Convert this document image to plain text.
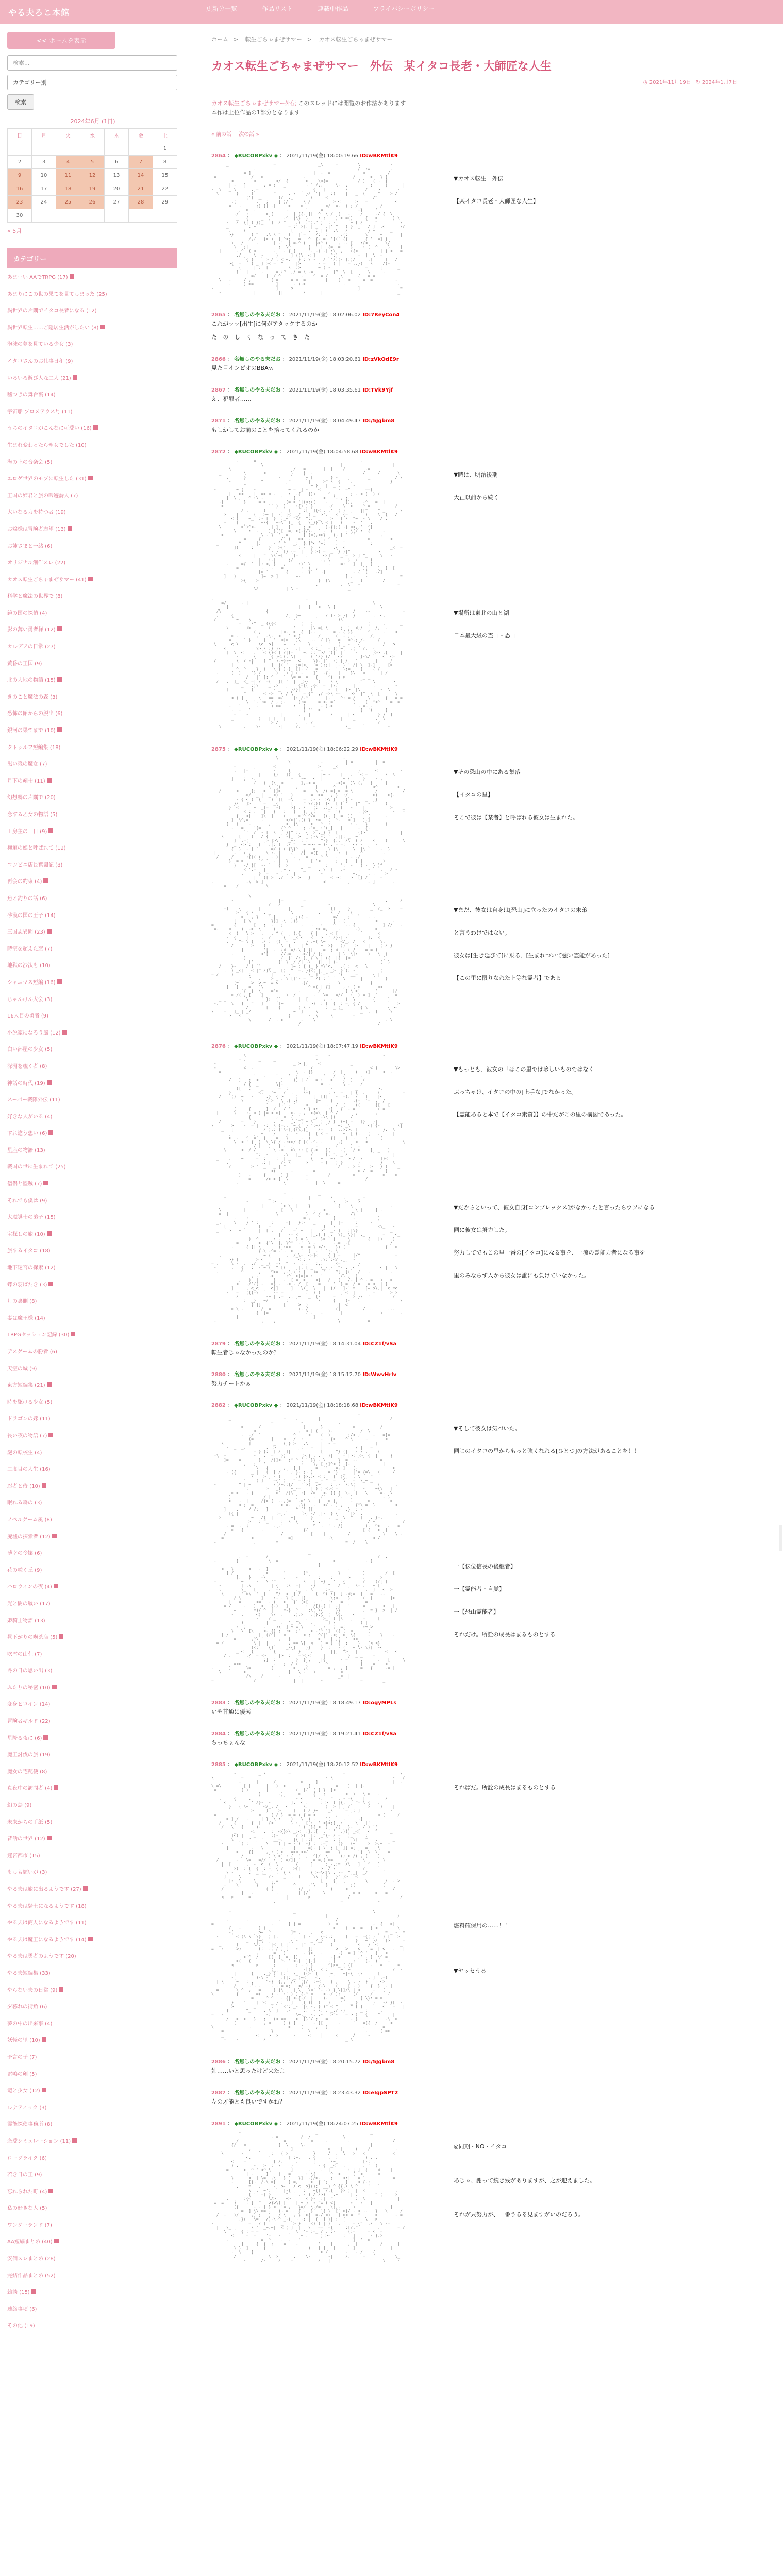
やる夫ろこ本館	更新分一覧	作品リスト	連載中作品	プライバシーポリシー
<< ホームを表示
検索...
カテゴリー別
検索
2024年6月 (1日)
日	月	火	水	木	金	土
						1
2	3	4	5	6	7	8
9	10	11	12	13	14	15
16	17	18	19	20	21	22
23	24	25	26	27	28	29
30						
« 5月
カテゴリー
あまーい AAでTRPG (17)
あまりにこの世の果てを見てしまった (25)
異世界の片隅でイタコ長者になる (12)
異世界転生……ご隠居生活がしたい (8)
泡沫の夢を見ている少女 (3)
イタコさんのお仕事日和 (9)
いろいろ遊び人な二人 (21)
嘘つきの舞台裏 (14)
宇宙船 プロメテウス号 (11)
うちのイタコがこんなに可愛い (16)
生まれ変わったら聖女でした (10)
海の上の音楽会 (5)
エロゲ世界のモブに転生した (31)
王国の姫君と旅の吟遊詩人 (7)
大いなる力を持つ者 (19)
お嬢様は冒険者志望 (13)
お姉さまと一緒 (6)
オリジナル創作スレ (22)
カオス転生ごちゃまぜサマー (41)
科学と魔法の世界で (8)
鏡の国の探偵 (4)
影の薄い勇者様 (12)
カルデアの日常 (27)
黄昏の王国 (9)
北の大地の物語 (15)
きのこと魔法の森 (3)
恐怖の館からの脱出 (6)
銀河の果てまで (10)
クトゥルフ短編集 (18)
黒い森の魔女 (7)
月下の剣士 (11)
幻想郷の片隅で (20)
恋する乙女の物語 (5)
工房主の一日 (9)
極道の娘と呼ばれて (12)
コンビニ店長奮闘記 (8)
再会の約束 (4)
魚と釣りの話 (6)
砂漠の国の王子 (14)
三国志異聞 (23)
時空を超えた恋 (7)
地獄の沙汰も (10)
シャニマス短編 (16)
じゃんけん大会 (3)
16人目の勇者 (9)
小説家になろう風 (12)
白い部屋の少女 (5)
深淵を覗く者 (8)
神話の時代 (19)
スーパー戦隊外伝 (11)
好きな人がいる (4)
すれ違う想い (6)
星座の物語 (13)
戦国の世に生まれて (25)
僧侶と盗賊 (7)
それでも僕は (9)
大魔導士の弟子 (15)
宝探しの旅 (10)
旅するイタコ (18)
地下迷宮の探索 (12)
蝶の羽ばたき (3)
月の裏側 (8)
妻は魔王様 (14)
TRPGセッション記録 (30)
デスゲームの勝者 (6)
天空の城 (9)
東方短編集 (21)
時を駆ける少女 (5)
ドラゴンの嫁 (11)
長い夜の物語 (7)
謎の転校生 (4)
二度目の人生 (16)
忍者と侍 (10)
眠れる森の (3)
ノベルゲーム風 (8)
廃墟の探索者 (12)
薄幸の令嬢 (6)
花の咲く丘 (9)
ハロウィンの夜 (4)
光と闇の戦い (17)
姫騎士物語 (13)
昼下がりの喫茶店 (5)
吹雪の山荘 (7)
冬の日の思い出 (3)
ふたりの秘密 (10)
変身ヒロイン (14)
冒険者ギルド (22)
星降る夜に (6)
魔王討伐の旅 (19)
魔女の宅配便 (8)
真夜中の訪問者 (4)
幻の島 (9)
未来からの手紙 (5)
昔話の世界 (12)
迷宮都市 (15)
もしも願いが (3)
やる夫は旅に出るようです (27)
やる夫は騎士になるようです (18)
やる夫は商人になるようです (11)
やる夫は魔王になるようです (14)
やる夫は勇者のようです (20)
やる夫短編集 (33)
やらない夫の日常 (9)
夕暮れの街角 (6)
夢の中の出来事 (4)
妖怪の里 (10)
予言の子 (7)
雷鳴の剣 (5)
竜と少女 (12)
ルナティック (3)
霊能探偵事務所 (8)
恋愛シミュレーション (11)
ローグライク (6)
若き日の王 (9)
忘れられた町 (4)
私の好きな人 (5)
ワンダーランド (7)
AA短編まとめ (40)
安価スレまとめ (28)
完結作品まとめ (52)
雑談 (15)
連絡事項 (6)
その他 (19)
ホーム > 転生ごちゃまぜサマー > カオス転生ごちゃまぜサマー
カオス転生ごちゃまぜサマー　外伝　某イタコ長老・大師匠な人生
◷ 2021年11月19日 ↻ 2024年1月7日
カオス転生ごちゃまぜサマー外伝 このスレッドには閲覧のお作法があります
本作は上位作品の1部分となります
« 前の話 次の話 »
2864 ： ◆RUCOBPxkv ◆ ： 2021/11/19(金) 18:00:19.66 ID:wBKMtlK9
_                  =                 _\     =        \            -
.                         _               /  -=        .
= ]                         |  -  =             <         /
=              /   >                .                   /      >   } ] _
<        <        </  {       >    \<{=      |     / ]   ( ~  {
| -   ]       , = ;   _        ~ ` /.,     \-  .         ;     )      |
-  \   _ \      , =                 [    {   [        \       /  . >       -
\       }     (`       ^     .'\    }/  '|    ;(    |   _  (     ^    > /
('[  _       )/  ,_       (     <                  /^
.(        . ` ;    ] )/      \ /         > <   _  >   =           <
=   ~    _ ;) ]| ~|     >    >         </  =-  ( ; /         /
,  >  .     _      .~      `     =              -}     '
./   ; ~     > (_       | [{- ]|  ^  \ /  (   -    /     -/ {  \
_   {     _  ]     .^~ {\}  }    : ;    ] > =(]     {   >      ] \
-   /  {| ( })_   ]  / ^    .)  ,^).^ )  ; -      ~ [ /     ^         \
_        : ~             = :' >]. | _ ` .|' ^   ) }  _`  / ]  .<      \/
.     (                  [      .  : | (  .\   /        } ~      _
>}       ) ^   .\ \ ^   ('  |`=    /;  ;     .(;       \     ~       |
/,{   }> )  | ^<;   =   ^  {. =~ '](` {{       { '  =] }
)   /     .      | .'  } =-^ (    }>^ (    , .- [   :{<       \/
}   ;|            ;  \^       [  ' |  {=  =    }    : [  ^    }    |
|      - ^  ( <       -   - {_[    .'. -( .| :\  ,   ({<         | } <   =
./     \  -     )     ] ((\  < ]      ^:)        =  ]  \  =
`{ }   ` > / . < ~.   } : \ -   / `'/;(- [;)/     ,]     ]   /
>{  =    ) _ ] >< =  ^     |>  |    - =   ( [   = .,}(   \    /)-
(     | ;  [        \  :>       ~ ( -              =     [      _
)   |     ,     = {^  ,/ = \ -=        |^  \_ [      \ '  _~
={    |  / ^        ,    ^  = /     \      {   = =
\   -     / ,        ( =     = <  =        [    [   <     =  =         -
.     ) >=         ]      - ).>               .                     .
-                         ]     >                          ]                =
-             |         ||        /      |                              _

▼カオス転生　外伝

【某イタコ長老・大師匠な人生】
2865 ： 名無しのやる夫だお ： 2021/11/19(金) 18:02:06.02 ID:7ReyCon4
これがッッ[出生]に何がアタックするのか
た の し く な っ て き た
2866 ： 名無しのやる夫だお ： 2021/11/19(金) 18:03:20.61 ID:zVkOdE9r
見た目インピオのBBAｗ
2867 ： 名無しのやる夫だお ： 2021/11/19(金) 18:03:35.61 ID:TVk9Yjf
え、犯罪者……
2871 ： 名無しのやる夫だお ： 2021/11/19(金) 18:04:49.47 ID:/5Jgbm8
もしかしてお前のことを拾ってくれるのか
2872 ： ◆RUCOBPxkv ◆ ： 2021/11/19(金) 18:04:58.68 ID:wBKMtlK9
-      =                                          -
\                               |            |       |
\                         /   =       |  |   _/        .=
_         \       <          }    }  .                    /     /       \
.      }             -          ~ [       } -            _          / \
-            ^          ^      `|     >^ \  {   `.               }
^                `         ~ }   |  _ .     -
-        ~ (    -             ~ =_ ] -    <       -  =^      ==(
|   ><    |  => < .  _  :  .{   {])     ^ ,   |  ; - < (  ) (
]  \ ,   ^ :\ -       '    [      .    <   '- , ;.
.|        }     = >    '   [= > '|(<;([    .       ]],    -^   =  |
>                  `` )  ]    :{) ] }      ./    \  >    ^ =          /
/ .      (      ]  ]     :[` ]{< , ,'  ( )  ]   ||^    ^ _ |    \
>    |      (   >~ |  -] [<  _/   ( _  >'.   <  {=       )    \  {   /
< {    ~_  :- [  }  ._~` ^</  ^;,  _    >   [ \  ^~  - \ |  / .
-    [         ~\{   ~=\  (_  {   \_}} \ < ]   (    -  '   .
\        >`)^<-      | ] _  [     ; <_     ]-{(;[ ~} <<,;'  ^['
\     :  .    ]_}['[  =; >[-{/\-  ` -  (_    - \[/ :  {     -
>               \ . }  '  = '    [ [<[,<>}   )~ [ ` `'  _       ,  |
_   =     {        /` (   ><  .    ', ^  ] _          >        <
_        ^      |;     - ^ ^   _;  }:]^< ^~;    ,  `          ;
](     :      }`  >('     : -  }  \     ,{  <                  _<  =
- }  [} (=  |   } >) =  _  } )|^           >
<     |   ^  \\ ~[    ]=   :      <-]    _ =  > ] ^_     \   -
|   :-|     ;/           ., \       }  /     (
-     ={  `  |; <, }   ,     :)`|\       ~    =:   ]  (   ]
=         .   .   =       ;  )  ,                  )(  | ]  ]  [
_            [> `       {     .  }`   ~]    _      - {  [   -/]
]   )          ]~  > ]       ~-  |               ] .     -             =
>{    >                        }  [\        _   )        /
.         .  \   -               =
|     \/           | \ =                    _               |

▼時は、明治後期

大正以前から続く
-                                     -
=/      - |                           |                   _  \
]                            |   ]   <   \ ]                  \
/\                  {                              |   /    --             =
.     {                     /   }~          / (- > }[  }       ,  <.
/        ~    \               ` -        `        )\
=   `\^  _ ({{<          (   )                      (     .      _
\       )>~      (         '      |\ =[ \     ;  )  <;/     /,  -
_  ( ,        |<.  >  {  ]-.       = - { }}      ^ _   .   _<
> -       ,   -\.  <   ` < [     _ /      (  - , .      /,
=     ` }     |   '  <|>   ]\    ~~  { |}   =_  <^,;|/-     {         _
\      < \        \<  >]    ~   -     \    .  '   ( _ -   {         /   >
<            \>[\ :} )\ ,-   .[    < ;_   = }) ~[  .(   /.  (
[  \  <    .   < {)< ] /|[=    ~: ::  >/ ')|  |     -      )>> .{     |
-      {      { )<;(. \[      ( '/}`(/   </       }-\/     <  <=
/        \  / -}    ( ^  }.~}-~:  <     \). |'  -) [ /   '_      |     /   _
_  |       '       ]  {( '   ;=|<,_ `= );;|   ~ } ' /| \  ].]_    [> _
^  ^ _  }  (   \ } ]~]  [|. {   =    -  '  };=    [  _ { {
-     [  ]    `} /     ~)   ) ] ( - |  ]`  .{,   |    }\   <      | /
/   |` ]; ^    `  \= =  =   {    ^(  ) >       _ _
/   .  ]_  <_ =| /  =(   }[ '  |  _>}    )    \ {        :^    \       >
_   ;)\    _ ,>        {={( .{<  =  ]\,      |       ,        -
[         {        - _  ` }/}[    [      -  [   }>  |\        -  \
^       < ->   { / \_`  = {^  ,/_=>\ -=    >>  |^  \_ [      \
_      < ( ]      \   ==  ={    |: /.^       |,    ^: = /     \      {   = =
\  '- ;=_ / , ;-     (;=     = <- =`       [    [  ^<^    =  =
-   `    ~ .     ) >=     :   ]      - ).>          ~ =~ .
.  -   '                     ] ''  >                [  '(     ]
=    -             |      ,  ||        /      | <         } }  ]
_          )   | ]   |       ]              |    _        .  \
> /       .   . /                    ]     /
\         .    \-       -|     /.     =            \_               -

▼場所は東北の山と湖

日本最大級の霊山・恐山
2875 ： ◆RUCOBPxkv ◆ ： 2021/11/19(金) 18:06:22.29 ID:wBKMtlK9
\                          -
\            -         | =         |  =
=       ]       <                 >     _<
.   |=          -     {            =              )      <         -
|     {)   ])   {        |~ -    ]   ,   < =       \  \
]    ;  -.              -   -~   <  |        ~ {     }    - ,
{   (  (\  <   '   ],-< =        -<]=_ )\ (,   }     |
\  [)      ,      _|      ^    (          <^        >
/      <     ];   >   |]>         =    \  /( =| >  = \         /          /
~>/  _ |  _ <) `   )       =  >=   , }  :/          >)    >[.
- { < )  {    )  [[  =\    =  :- -  >\ }    {`-     _   }
}/   ]>     =   _{     [    ^ \/;)(  [<  [ [`'   |^   - `    )
}  <      ~  _[=   -)    >} , /   (;  .;_/ ; [   -    |          >    _
_      | < : .   |   (   :   )   (, ,;   ` =  ')       . }>          -   =
{   <|    ]\  ]    (     >`^.^/=   [(~ [  =  ])      [      -
]  \^,=   _ ,         </>(`,[( }_ :=   [  ^- ' < ]   ]-]
_   [   )    -       ,      <  {\     >   ^  :        : -   }       )  _
-   =    '[=        {^ ^     ; .'>_ :'(_[   [      -  {.
`'  /  - [  \  ] }|^ :.  {  > ._} )  [        ((>              |
\      [    (   / {    .  -[_  >  _`)-\ -; '  .[|; _  ~
]  ,=(   `   > |>\    _~-  : ,     ^-}  {,,  /\  (|/    <    (      \
}  _  <> ;   [ ` ,[: )  :/ ^   ~'~>- ~ )- . = =;   </ -     -
{  }  - | `    _=/ ) ( {\}^  ,   =     } {\      \  |\ ` '  -  }
|       -   ( ,      \ :. |    {   /[  =([   )    :  )    .^        ~
/     /     ;{)( (    ~ )|     .    =     ^ ^   .  |  - -/
}  = >    _ `^ `  - |  }    '    [ '<  _   ;   ]   [ |        )
)   -/ }[  -- `   {  >        _      ;     ':  -  |( -  } )^
< ',=   |      ]~ ,    ^_     . \  ]   ,-     ;   -    .   / -
,      }  =   -   ,  |          -            ~._   , .    >
|   )[ >  ./   >  >   }        < =<    >  [} /     =
-             -\  > ]                        <         ]       - ]      _-
=    /           \

▼その恐山の中にある集落

【イタコの里】

そこで彼は【某者】と呼ばれる彼女は生まれた。
\
-                  |=        =                                .     /
/   /        _          -                 \
=]    {       |           |                {[     }        _  /_  >    =
>   { \    . _        \          .    \  /    (
>   , }    '~[      , ;){ -          =/    ;   `   ~ ~
|   [ \        }}] ~\  ,)}              [ ~ (            <      -
=        {    _  [   ;  -   ;       ,   ~   :    ^_   -~ {           ] //   -
=.    <    )  ->  \     (    _           :> =,    .      -)      >
<  )   \ >   .   , ^ (   '(.{    { |   . < [    .    `      <
-  {    |     .  /     { ` _< <   <   >  ' /}-] -        ],  <
.    ^= \ {   ./ ;  ((  =  .    } .~( \~      </_. /   <      \.
/       >    )    | \  {    | ^     ~  >}   ))    >    |    ( / }
_           ]        '[  -  {< ~=/.\ [ }|    =  ; <  ~ ( /    = = )
.           <'[     //,=    ~>{] / |;~     | }  \|:    )   \  )
~]              {  }` /: ], { \ | ({  |{ _{<    _        [
|'          [' }  / /|~~\  _{|  | )-                 (  }    _
/    }-    / ) `'   _        ]~ ; { )_ } =\'<.   .( :  <   \
.  ) _<[   < |^ /]\ _  [)  ^  =. }]<( |]   _>  } ); -          (
= /     )      ;        [    . -       \_ ]' =^    '(   __=      { |
]   ^   ,    > _ . \ [['- =    /( : ` `   \      |         }
(~     >  >.~_ = <         .]/    __  .   \            {
]   [    =   `\              _   ^ >( | {]     , : [ >  _    <<
`{  }  \    ='>        .       /   _      ] \ >`      '   _  |/
> /( , [    ]         )  /       .   \=   =//   :  ) = ]  `       =
_ _        \     ' }:  (`     ~ |  [      ,  -     (  \       {     ]
-.     \   ]   ^   ]      [~           >)  : [  {  ; =  { /               >
/       [    {       ( \ -      ;  _ (_  `    { \        { >=
\    =   ]_ | _/                 ~  ]     \                 _  .  ]     \
>   <                   )      |-  \   _ \        =
\       /  . >       -    \                            . \
/                      _        /   _

▼まだ、彼女は自身は[恐山]に立ったのイタコの末弟

と言うわけではない。

彼女は[生き延びて]に乗る、[生まれついて強い霊能があった]

【この里に限りなれた上等な霊者】である
2876 ： ◆RUCOBPxkv ◆ ： 2021/11/19(金) 18:07:47.19 ID:wBKMtlK9
\                            =    -                     -
= .     _     _                -
-                               _ > |]    <            _
-           <  .                       /                       < }       \>
=                              \  - {}        /  |     (   )] _   <  -
'   .    `    '  ;    -     '   /   {      .
/_ ~]_  ;  <         ]    )) | {   = :   >    {  ]  . (             _
/ {  _       \|-               =  ~     \~-    /
([   ;    _      =  :      ]]         -         _        >,
}           <.   '~   /  ;    \-]       ; \  =   | {  ,     (         =
/    ()  ~   -     .}  { >     )      [  []]   -  =).  /|  ]    |<
\        _< >   \ ,( .{       ]~    (   _    .(=  '=  ,  /
`  ~ (~' - `   ~<       ~   /  (    ((      {[   [
_   [     {      ]  /   / '' _  : } <:    ;]  _{  - = _       ( =
|      }    :. < ) |= < >|   ~>- ~ ,  >{=\  [ ^ /      _,|      ,
{     '    ,  <  {  `_    _,~-\\ ))      /
/        =    }       ,  ^   _.`^( ~ \   )  } }  (~{ =   [}   )|         _
\       >    -  = |  -:  \ {=..  ~_{  } ':~/  '    ~: _\       <] {-       \|
_   [            / ).; ]'\=].{(\,[_    /=   )  .,>;>. ]          }.  \
]         ]  ~    /    , `_-``` |  ( <`=      ~  [ (.   (   .     |
>  .   ^  =`  }  _ =   }    _.  )  _     {(    )  ~    ;  |  (       _
\  < ' {  ]  \ \{ / -:>>/ { |( -^. .      ,) _  _<   <              \
_       ~      / | ~ ]   | .  ; _       -       {     ]  -
\      <  / /       \ -<   >\ :: [ {,>   }[    .[   / >    [  _   ]
^;  -   |  .\   |_    /     [. ^. _ /          `       ]
_    .    ~     =  ;    :  | _        {   ~   ~\     > /  \       ])<
.             .: |    /- \      >     = [   ) }      )        }    \
/        > '  _   _ | ^        '            /   . > -    >   } (    _
_        <(      -_       =            _    > /  =     ]
|     ]   .     {      ) ]       -        /         >    _      >    >
=      /> > ]  \       -                       /
.                  \            |  \     =               _

▼もっとも、彼女の「ほこの里では珍しいものではなく

ぶっちゃけ、イタコの中の[上手な]でなかった。

【霊能あると本で【イタコ素質】】の中だがこの里の構図であった。
=             _
-                 _        .      |        /    .     _ =
-          >  ]                    \    >    >
_             |  _     > \  | _  }           {    \               -
\         |    ~         [   \        ~   <            \_(     ] ~
=  |            _      \           }  ^ /  <-   _    /}
.    ;                      = ,   `     [       -         ]
_.     \    } ' :     ;     =|   };-   _      |  |=     ;     -
[             [   =     .               ]   \        =        <\_   -
_    >   ~ `     |  [ .   /    =` ~   ]   >^  _- ]   ;|\}             _
|   -= <     ]_.[ ]  .  \)_ \}|  ,_       =    <_
|         )  ^      : -   :  } = }     }> ` {     \       {   |)    ]
=        >  {'\ ||, }^^  .'  \ -      _-~=  -[       _        /
.     { [| \       ) :=<    >  = } </: _  }) [                {   >
|             {.\ -^= .`~  >   `  (_ . ' `:. \  _           .
.                 ~ (      . '/_\=  <=]<    { } =     |/^              =
>} [       > <      )       < : -    .\: ;</ ,_   -
= .     \ -  ,  ,/  _ _(  =\  ^  -  ; .   ;.:     <=  `    }
-      .   {   ;  - ~ (  ^ [(     |, [ _  `{_-[-` ^- ,  <          < |   \
-         ^      , _  ^>=  ,.';\`: |   )=  '    ^[  ](`  /   .        .
, -    ~<     ;^  >]=)= :   '       /} ,  )
,   )  |      }   -  [ =_ >    <}   /   [   /- [:^ - =   )   >
<   ./'{( -   >} .  .< . /  [    =   _ '  } =  / =   = <  | ]
]     , <_<     <|]     ]   \/_  \   |  (/   ]-' =    [~ >\.|  < =<
-   =   ({{=\  `   -= =         .  ) (          <  |       =      > >
/           -~ | ,=  ,:  ~   _  {\     =  `|   > }\  '         /
;  _}   ~/       :   `        \     {    )-   :                \
} ]]  _      [   _ >  )            ]  <
> \ .       /  =           ). /           (]         /  ~    _ ..-
{  |=               { -   -       |     _         )       .
|    |                              ]                                  _
-                  .    .                         \           =

▼だからといって、彼女自身[コンプレックス]がなかったと言ったらウソになる

同に彼女は努力した。

努力してでもこの里一番の[イタコ]になる事を、一流の霊能力者になる事を

里のみならず人から彼女は誰にも負けていなかった。
2879 ： 名無しのやる夫だお ： 2021/11/19(金) 18:14:31.04 ID:CZ1f/vSa
転生者じゃなかったのか？
2880 ： 名無しのやる夫だお ： 2021/11/19(金) 18:15:12.70 ID:WwvHrlv
努力チートかぁ
2882 ： ◆RUCOBPxkv ◆ ： 2021/11/19(金) 18:18:18.68 ID:wBKMtlK9
=
_                     =    .        |                            /
=           -              .
>      /  _              )      }            >          /       _
<                 ,  < | (    )-           /  \
-  -/  `             ^     <    (  )       ;/< ;     -   =[=
(=       ]    < ~|/  :       -   {>    ^ \  '  ~       <
\          ]         _   ( } >   ,\     |  - =                [
-  _ |_,        .  >    `     :   =   |             / |   =
= } }:  ] /  ]|   `        [     ^} (|   - \ .  ' (
=\  -           -   .  =   })      [>.} . .   )|    = |>: )>] {  ]     }
]=    =       }    /|]<.  ;^ ^ [ ` }} . \     }  =  --         =
,   ;   '    '       _ :    }, [ :]^< [_.]-             |
_       \   {      ,   ] ]      =  `'   =, ]   [- _            >
- ({      _ |   (  [ /  ` ; }- ;~ ]      =~`}  _   |'= {=\   (     /
\    >   - )      :) }>.;< < :   ]  ){   . \    ^
'    ( ]  ` ={' )   ^ = /'(  _ =`^  =   \`  =  \_~ _
-         ^ | ~         /[/~,;{/   '`>(  .~'   : .-  \;\(         (      .
:       >   _)    ~_-=    ] ) ) <.< =      [   -   '~{\   [
> >   . }         >`  /)\_  :[  />   <. ][ {  \-  |   \     =~  \
]             / |       ~  ]      ~  {`     ^-   ]            - }
>   ~  |     /{> [  -.,(=   ->' \   }   > {,     -      >    _   >
< ;  =          ~> =-   ,}(   .   </ . ] ,     {^\ =  }        <
]    .    / /;   ]           ^ [' [[          =  ,}  ; -
[{ |               := .`      >] -/  |-  } {     |>  .             .
>            ~   /{  [   `   ~|      }  `   ,  _  \  ^   [   . }=.
>   ; ^_     :  \  {      < .        :          / ~           /
- =  ~  }          .[.'            ^  ~  ' . /)         ),  ^>   {   =
>   {       .                {{                      [ {   >  |
/                      /           [    |         /             }    \ -
_ =           <              =]              .\                < /
-               .        =                           =  /    \

▼そして彼女は気づいた。

同じのイタコの里からもっと強くなれる[ひとつ]の方法があることを！！
_
.  =       /   |                                        /  .
-        ]            \  =                      >            . ]
[
<  _}      <   -  ]                                .
] /             >      ' _     ]^            }         ]        /  [
[,   }    =\       ,    -    `   ;    :      >     ,      >
=          ~     -   \ '^           \   |  ~}   '   {       /    (/[ [
-        [ ,\        | {   :\  =|    -}     ^   / ` ]  \= .   ~ [
.        \_   [     .  =-      ,_  . \     ;-_             .  ]   <  >
\       ' >\  '  |    ^/  <  { /_     (  ^( :|  ] .<;=  |   =   --
/ \     _  ]    :- . } [   |]     _    \;<~   }     (  |       ]>
|   =      <=   . (   >   }` [>[  .  '  ':   =         =
= /   | .   )_ <   {.)   ]       :  /[(-[ |  -|   '     =   .   <   |
~       =)/ ^  |    =-}  ^    :\( \{     }}         .  = }  >  | /
-   .     <)    \/  ,   ',).>   .[}:\  (  \{,    <
-    / _            ,     `>_  ) |\   ]    =     [
)         |     ,  '_ ^\    .      ] \          ( |
-  ;       .    }\  ] ~ =`\    '  ]-   ;  =;       -~ >      _
}   \  [\    <- {] ;  :>  ;'    > .'^_']  ({ [  <      [
| /    |       |_ ({^|   <      _< ;   ^{|' -<;  >  \{     -    }    -
=      ,^\ `      ,  _} _     _   > '  | ,[  `  <<         ~
= /            \ |  |        . == \[  <   ) = )  {  ;    }   [< <}
(<;    {]`    _/{}    )}    }  :   - (   ~ \- \)]  -<
_ <   {        {         }    .       ||]  ^>   |           <   <
/ .      ,/  = ->     |>  ;   ='< <     |         }  _ _    =
`     ;]  :        }  }`,  _ |{      - =     ,      .   [     \
=<>             .   ;  / (   ]    `  ^             |    =    <
-      ]      }=        (        >   ,(        = ,  , [     =   {     .= |  _
\         >                 [   \ .   )          <      ._
/\    /      .       .               _<  |               |
=                /               |  |       -               =        _

一【伝位信長の後継者】

一【霊能者・自覚】

一【恐山霊能者】

それだけ。所詮の成長はまるものとする
2883 ： 名無しのやる夫だお ： 2021/11/19(金) 18:18:49.17 ID:ogyMPLs
いや普通に優秀
2884 ： 名無しのやる夫だお ： 2021/11/19(金) 18:19:21.41 ID:CZ1f/vSa
ちっちょんな
2885 ： ◆RUCOBPxkv ◆ ： 2021/11/19(金) 18:20:12.52 ID:wBKMtlK9
-         _ \         =                     =                      \
\           =              _                  - \                        -   /
-  _   |      /          >     ]                              |  -
\ =\         [ |      |   )  >         [          =    ]  | {.
=          [ )       |           (  |{  ( ] }  [<         .
]       -)      >     {   ;        <  )   \ >   .
.     {     .             `    - <      -,   ^  , - ={    |        /
<          ' /}-  -        ],  < ;     : >  ) |{.    ^= \ {   .
}   ( \~      </_. /   <      \.       )  > [   /`      >    )    |
|          >     )    >]   |[   ( / }~    _\    `= ]; ]            -
=                 <  ~ ( / }  = = ) { = <     _  ,    .           < [     /
> ] /   ~     | }  \|:    )   \  ) ~    `[     ~    _~]
/     {      {  |  _{<    _  } :   [`:  ' <}<;[  :     \   |'
/   \  _{     )-               ' ( `}{ < _)   /[   }-    / ) `'   _
_      <.   .  :  <{}>\ _:<  :}.;[  , ` '  .))) _<[   <  ^     _
]<( |    _      ;)-       / >(  |:  _^{= / =   )_     ;
\  ]   ^    '    __=,    |{ | .:[  '  _  ; (     \]   ^   ,      _
-       ( :   `   \    ( | ~ - )  -} ;  ;=     (}   (~     >  >.~  =
.]         .   \       ~    {     =). ] \` ; [  ]] =[    =   `\
>    {]     , : [ >  _=>< <<{       =>   }       `{  }  \    =
/   _      ] \ >` : {  '  ,_ ^|/  \     (; > /( , [    ]
/       .   \=   =//   :  ) =/]| `     = =,( >= _ _ /      \       }
|  [      ,  -  <  (  \       {     ]     :_-.;=  /\   ]   ^   ]
>)  : [  {  ; =  { /    >[[        >  / \           /       [
\ -      ;  _ (_  ` .  { \        { >=\<|\ . -=  ^]_|| _/
]     \           /-    _  .  ]     \\ | }   }' )>   <
|-  \   _ \      , =                 [    {   [        \       /  . >
-    \       }     (`       ^     .'\    }   '     ;(           (
/                 ( [  _       )/  ,_       (     <                  /
]   .         .        ] )/      \           > <   _  >   =
<   >      =              |        >               /                    /
.                          =              -

そればだ。所詮の成長はまるものとする
=                         _                               \
_                    |                   |                            /
-       .            .                      /
=                       .      [ { =           )  <    __        -  {   >|
{   -       ] )                           >  _ )  =  =   } <        \
-(          >~  ^        ]= ,    .   <                      ,  = _ -  =
-       < (\ \ `\}   ) ],          ] -    {=:.;     [   =  ={( ) ` ) [   >
_   |~{  ]        {`-     _ /_}    )        }   ~  }/   ]>     =
_      [      \/;    [<  [ [`'   |^   - `    )          <   }  <         _
=   -     >}       (;  .;_/ ; [   -    |]       _ >   >_   <_   =  | <   .   |
,      =   )       . }>   .      -)  = ] `^ '   {   <|
>`^  /    [(~ [  =  ])      [      -]~<    _  ,' - ]  \^ =   _
>(   (         [  ^- ' <~]  `]-]     . |       ;_   [-  )    -
<         >      :        : - )~}      ^)>=_ ( {[  '    -   =      =
(_[   [      -[({.  <`;     ~  ~                 /  -
|      {    ._} )  [;   \_  ((>  [     ~    ~|-{  (\      [
-[        )-\ -  '  .[|; _ (~<    <,   ' `             , ]  ,=(
| \    _~   : ,     ^-}  {,,  /\  (|/  :-<    ( ,    \ . }  }  _  <>
/     ~'~ -    - . = =;   </ -)   /-\    (    [ ~ )    {  }  - |
_=       \ ^  ,   =     } {\    ( \  |\<` '- -) } \[]/\ | <     -   (
\         {       =(    ) ~  :` ) ) {.^ <    <~~/_);     (/ _   /      {
=     ^ ^   . {| <-{-/  |    ).     ={      [ \}: = >
}    '    [ '<  _ } ;   ]   [{|)[  (   )    '   _ }'     )   -/ }[  -
>        _      ;    <': _-  |( -. } )^ < ^     ^ [ ]        <   =   |
]       ^_     . \  ]   ,-     ;:  - \; . _./ -)      _ ;     ,
=   -      |          -;  |       \~._  -, .-   >^-   = > )   {    ^     |
./   >  >   }   ;   (< =<    >  [}`/ ;   =         - }           -\  >
[           , <     ) ( ]       - ][     _-     `   =[{  /     <
\              ~               >    (     ,   ]              .       =
=                   }              \                      .  | _[ =>
_             <    >  >      -     <    |     <      /     -
=    -          /                                _ \

燃料確保用の……！！

▼ヤッセうる
2886 ： 名無しのやる夫だお ： 2021/11/19(金) 18:20:15.72 ID:/5Jgbm8
姉……いと思ったけど来たよ
2887 ： 名無しのやる夫だお ： 2021/11/19(金) 18:23:43.32 ID:eIgpSPT2
左の才能とも良いですかね？
2891 ： ◆RUCOBPxkv ◆ ： 2021/11/19(金) 18:24:07.25 ID:wBKMtlK9
-                              _                     _
- =         /  /             \ _
/                  =          <     .        .    _            /
{/   <             [  \     \.                          |
~    ,                ]              >    |     (    /          .
\       -      `    ;   ( >          }     /  ,  \   >   <           <
<.       '       ] ;~,   , {     .  ;           ) ..,
<    =           [ /.     .      [      /~_          [-: ,
) .      -   >  ;  \    )          - {  _<   .       . '  (
=      >  ^ ' <^ \       ~]      -    .  |       : [ ]  {    <    |
| -     ]    (   =.     : \{      ^  <     [  <   ~_ <  __
}      <  | \=  ,\   } `   }]  .)/>-    ;    <:|   = ` _         =
-      [}~  /-\ >[     ] =,     >  { `;       [    < {.:
.    =   .     -  >-   / <  >}():` __) ^ {{.\ \ ^    '   `
\  .  ~';  `  |-{     ;   ~{[  /,{`  }> )  |  <            .
{ '  =] }      ^  ` , - ) / />)   .~     | .'      ^ (     >
.  [   :{<       \/>    ~>      < }-  ;|  ^         ;  \             |
=  =    }    : [  ^   >}>\) |    | ~ }  - ^= ( <[      -   -  _[
({      - - | } < _'= ,   }=/  \./=    \(,-     )              ]
=  ] \\ >=_.   )~ =~ ~ { -  }`  `{ }  [` >}/ . < ~.   }   \     /
/  -   )/     ,]_;   ]   / \   , }  >{  =./ <) _ ] >< =  ^      >       - =
,}(   \=   /)-\~^ _-(  ~ ~; |  (~ ] )| ;  [        \  :>
-              =   / [      _   `> }    <) ( | )   ,     = {^  ,/   \ -=
|   \_ [      \ '  _~.~|  < ( ]  |   \   ==  ={    |:[/.^        ,       = /
\      { : = =               \  '- ;=_ / , ;-     (;=     = <  =
<     =  =   _'=   -   `    ~ .     ) >=     :   ]      - ).>
.             =  ^    .  -   '                     ] ''  >
]     {  {  ;    =    -        '    |      ,  ||        /      |
} }  ]      {      _          )   | ]   |       ]              |    _
.  \    ]                           > /       .   . /    {
/             \  >      .    \-       -|     /.     =            \_
-      /-     /    =          /   |                     \     -

◎同期・NO・イタコ

あじゃ、謝って続き残がありますが、之が迎えました。

それが只努力が、一番うるる見ますがいのだろう。
